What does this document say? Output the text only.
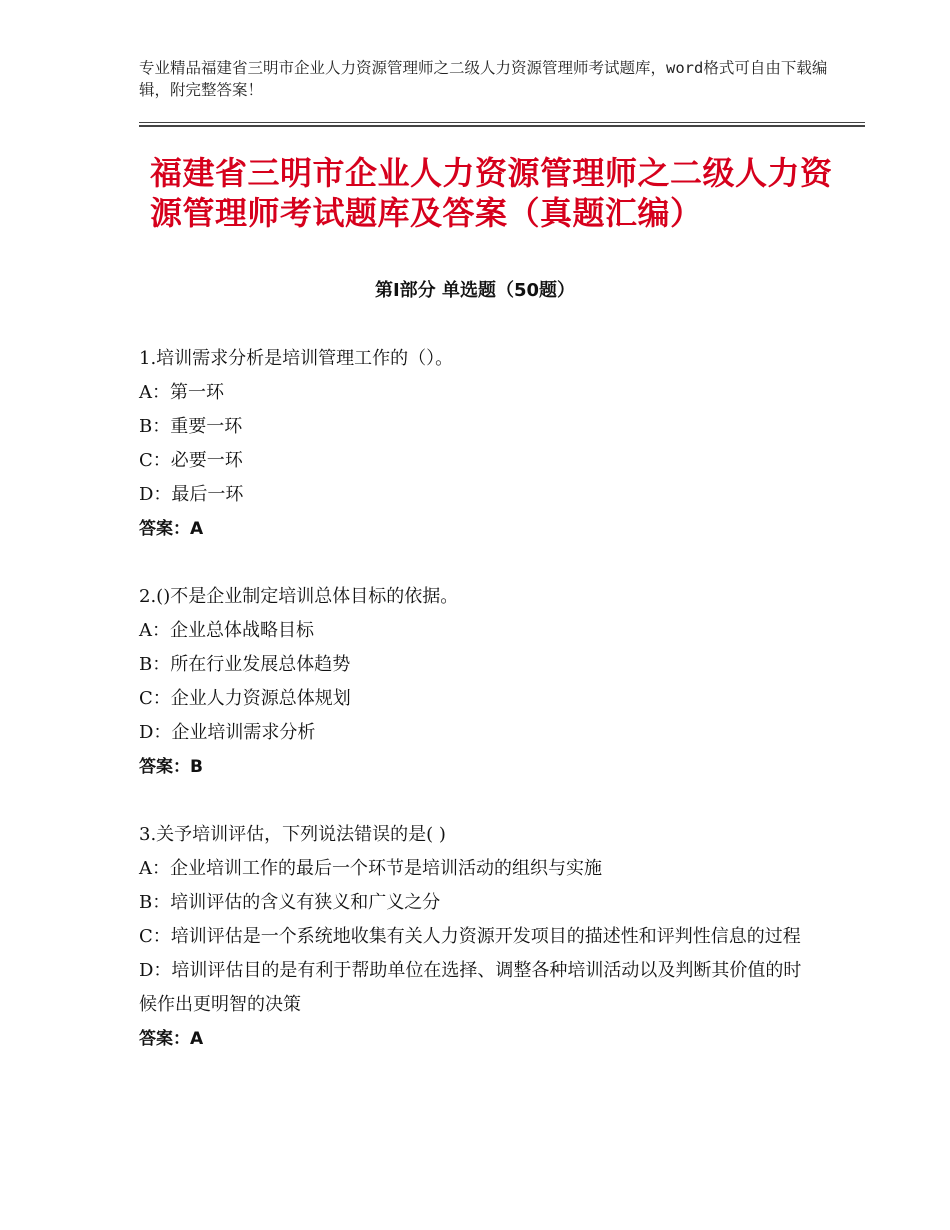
专业精品福建省三明市企业人力资源管理师之二级人力资源管理师考试题库，word格式可自由下载编辑，附完整答案！
福建省三明市企业人力资源管理师之二级人力资源管理师考试题库及答案（真题汇编）
第Ⅰ部分 单选题（50题）
1.培训需求分析是培训管理工作的（）。
A：第一环
B：重要一环
C：必要一环
D：最后一环
答案：A
2.()不是企业制定培训总体目标的依据。
A：企业总体战略目标
B：所在行业发展总体趋势
C：企业人力资源总体规划
D：企业培训需求分析
答案：B
3.关予培训评估，下列说法错误的是( )
A：企业培训工作的最后一个环节是培训活动的组织与实施
B：培训评估的含义有狭义和广义之分
C：培训评估是一个系统地收集有关人力资源开发项目的描述性和评判性信息的过程
D：培训评估目的是有利于帮助单位在选择、调整各种培训活动以及判断其价值的时候作出更明智的决策
答案：A
